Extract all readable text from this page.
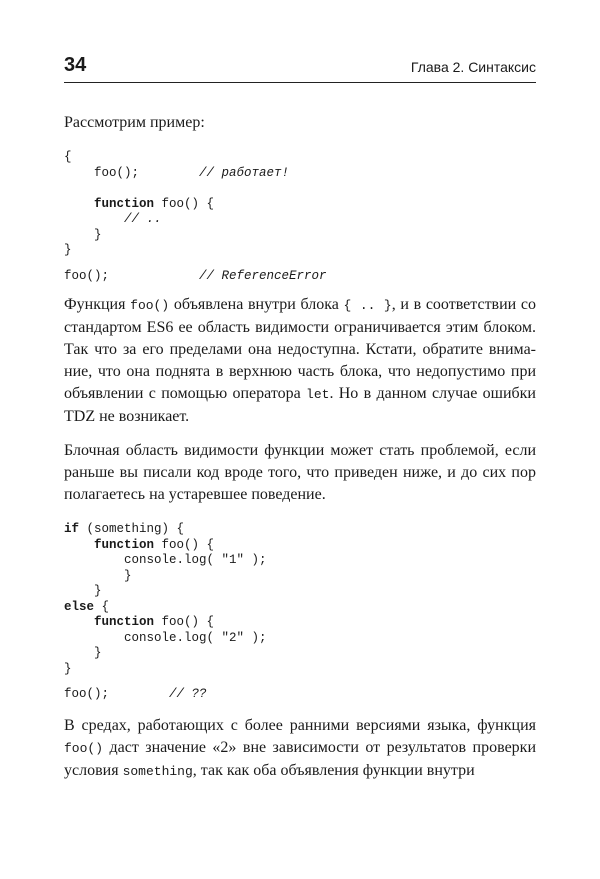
34	Глава 2. Синтаксис

Рассмотрим пример:

{
foo();        // работает!

function foo() {
// ..
}
}
foo();            // ReferenceError

Функция foo() объявлена внутри блока { .. }, и в соответствии со стандартом ES6 ее область видимости ограничивается этим блоком. Так что за его пределами она недоступна. Кстати, обратите внимание, что она поднята в верхнюю часть блока, что недопустимо при объявлении с помощью оператора let. Но в данном случае ошибки TDZ не возникает.

Блочная область видимости функции может стать проблемой, если раньше вы писали код вроде того, что приведен ниже, и до сих пор полагаетесь на устаревшее поведение.

if (something) {
function foo() {
console.log( "1" );
}
}
else {
function foo() {
console.log( "2" );
}
}
foo();        // ??

В средах, работающих с более ранними версиями языка, функция foo() даст значение «2» вне зависимости от результатов проверки условия something, так как оба объявления функции внутри
